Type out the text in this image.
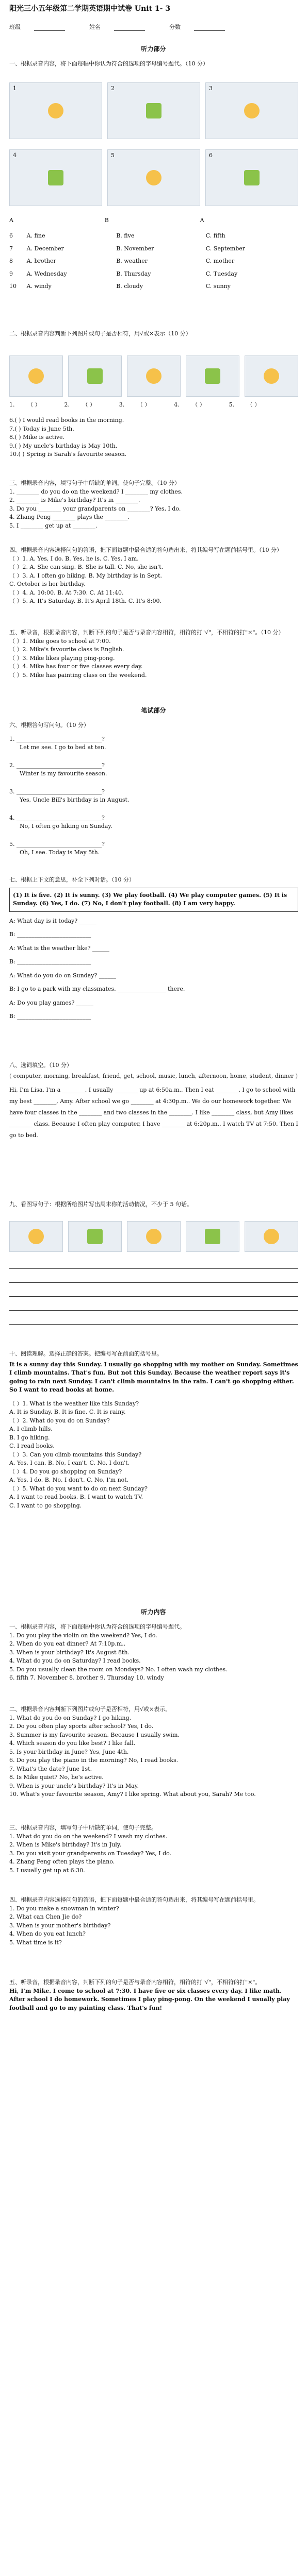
阳光三小五年级第二学期英语期中试卷 Unit 1- 3
班级	姓名	分数
听力部分
一、根据录音内容，将下面每幅中你认为符合的选项的字母编号题代。（10 分）
1	2	3
4	5	6
A	B	A
6 A. fine	B. five	C. fifth
7 A. December	B. November	C. September
8 A. brother	B. weather	C. mother
9 A. Wednesday	B. Thursday	C. Tuesday
10 A. windy	B. cloudy	C. sunny
二、根据录音内容判断下列图片或句子是否相符，用√或×表示（10 分）
1. （ ）	2. （ ）	3. （ ）	4. （ ）	5. （ ）
6.( ) I would read books in the morning.
7.( ) Today is June 5th.
8.( ) Mike is active.
9.( ) My uncle's birthday is May 10th.
10.( ) Spring is Sarah's favourite season.
三、根据录音内容，填写句子中所缺的单词，使句子完整。（10 分）
1. ________ do you do on the weekend? I ________ my clothes.
2. ________ is Mike's birthday? It's in ________.
3. Do you ________ your grandparents on ________? Yes, I do.
4. Zhang Peng ________ plays the ________.
5. I ________ get up at ________.
四、根据录音内容选择问句的答语，把下面每题中最合适的答句选出来，将其编号写在题前括号里。（10 分）
（ ）1. A. Yes, I do. B. Yes, he is. C. Yes, I am.
（ ）2. A. She can sing. B. She is tall. C. No, she isn't.
（ ）3. A. I often go hiking. B. My birthday is in Sept.
C. October is her birthday.
（ ）4. A. 10:00. B. At 7:30. C. At 11:40.
（ ）5. A. It's Saturday. B. It's April 18th. C. It's 8:00.
五、听录音，根据录音内容，判断下列的句子是否与录音内容相符，相符的打"√"，不相符的打"×"。（10 分）
（ ）1. Mike goes to school at 7:00.
（ ）2. Mike's favourite class is English.
（ ）3. Mike likes playing ping-pong.
（ ）4. Mike has four or five classes every day.
（ ）5. Mike has painting class on the weekend.
笔试部分
六、根据答句写问句。（10 分）
1. ______________________________?
Let me see. I go to bed at ten.
2. ______________________________?
Winter is my favourite season.
3. ______________________________?
Yes, Uncle Bill's birthday is in August.
4. ______________________________?
No, I often go hiking on Sunday.
5. ______________________________?
Oh, I see. Today is May 5th.
七、根据上下文的意思，补全下列对话。（10 分）
(1) It is five. (2) It is sunny. (3) We play football. (4) We play computer games. (5) It is Sunday. (6) Yes, I do. (7) No, I don't play football. (8) I am very happy.
A: What day is it today? ______
B: __________________________
A: What is the weather like? ______
B: __________________________
A: What do you do on Sunday? ______
B: I go to a park with my classmates. _________________ there.
A: Do you play games? ______
B: __________________________
八、选词填空。（10 分）
( computer, morning, breakfast, friend, get, school, music, lunch, afternoon, home, student, dinner )
Hi, I'm Lisa. I'm a ________. I usually ________ up at 6:50a.m.. Then I eat ________. I go to school with my best ________, Amy. After school we go ________ at 4:30p.m.. We do our homework together. We have four classes in the ________ and two classes in the ________. I like ________ class, but Amy likes ________ class. Because I often play computer, I have ________ at 6:20p.m.. I watch TV at 7:50. Then I go to bed.
九、看图写句子：根据所给图片写出周末你的活动情况，不少于 5 句话。
十、阅读理解。选择正确的答案。把编号写在前面的括号里。
It is a sunny day this Sunday. I usually go shopping with my mother on Sunday. Sometimes I climb mountains. That's fun. But not this Sunday. Because the weather report says it's going to rain next Sunday. I can't climb mountains in the rain. I can't go shopping either. So I want to read books at home.
（ ）1. What is the weather like this Sunday?
A. It is Sunday. B. It is fine. C. It is rainy.
（ ）2. What do you do on Sunday?
A. I climb hills.
B. I go hiking.
C. I read books.
（ ）3. Can you climb mountains this Sunday?
A. Yes, I can. B. No, I can't. C. No, I don't.
（ ）4. Do you go shopping on Sunday?
A. Yes, I do. B. No, I don't. C. No, I'm not.
（ ）5. What do you want to do on next Sunday?
A. I want to read books. B. I want to watch TV.
C. I want to go shopping.
听力内容
一、根据录音内容，将下面每幅中你认为符合的选项的字母编号题代。
1. Do you play the violin on the weekend? Yes, I do.
2. When do you eat dinner? At 7:10p.m..
3. When is your birthday? It's August 8th.
4. What do you do on Saturday? I read books.
5. Do you usually clean the room on Mondays? No. I often wash my clothes.
6. fifth 7. November 8. brother 9. Thursday 10. windy
二、根据录音内容判断下列图片或句子是否相符，用√或×表示。
1. What do you do on Sunday? I go hiking.
2. Do you often play sports after school? Yes, I do.
3. Summer is my favourite season. Because I usually swim.
4. Which season do you like best? I like fall.
5. Is your birthday in June? Yes, June 4th.
6. Do you play the piano in the morning? No, I read books.
7. What's the date? June 1st.
8. Is Mike quiet? No, he's active.
9. When is your uncle's birthday? It's in May.
10. What's your favourite season, Amy? I like spring. What about you, Sarah? Me too.
三、根据录音内容，填写句子中所缺的单词，使句子完整。
1. What do you do on the weekend? I wash my clothes.
2. When is Mike's birthday? It's in July.
3. Do you visit your grandparents on Tuesday? Yes, I do.
4. Zhang Peng often plays the piano.
5. I usually get up at 6:30.
四、根据录音内容选择问句的答语，把下面每题中最合适的答句选出来，将其编号写在题前括号里。
1. Do you make a snowman in winter?
2. What can Chen Jie do?
3. When is your mother's birthday?
4. When do you eat lunch?
5. What time is it?
五、听录音，根据录音内容，判断下列的句子是否与录音内容相符，相符的打"√"，不相符的打"×"。
Hi, I'm Mike. I come to school at 7:30. I have five or six classes every day. I like math. After school I do homework. Sometimes I play ping-pong. On the weekend I usually play football and go to my painting class. That's fun!
